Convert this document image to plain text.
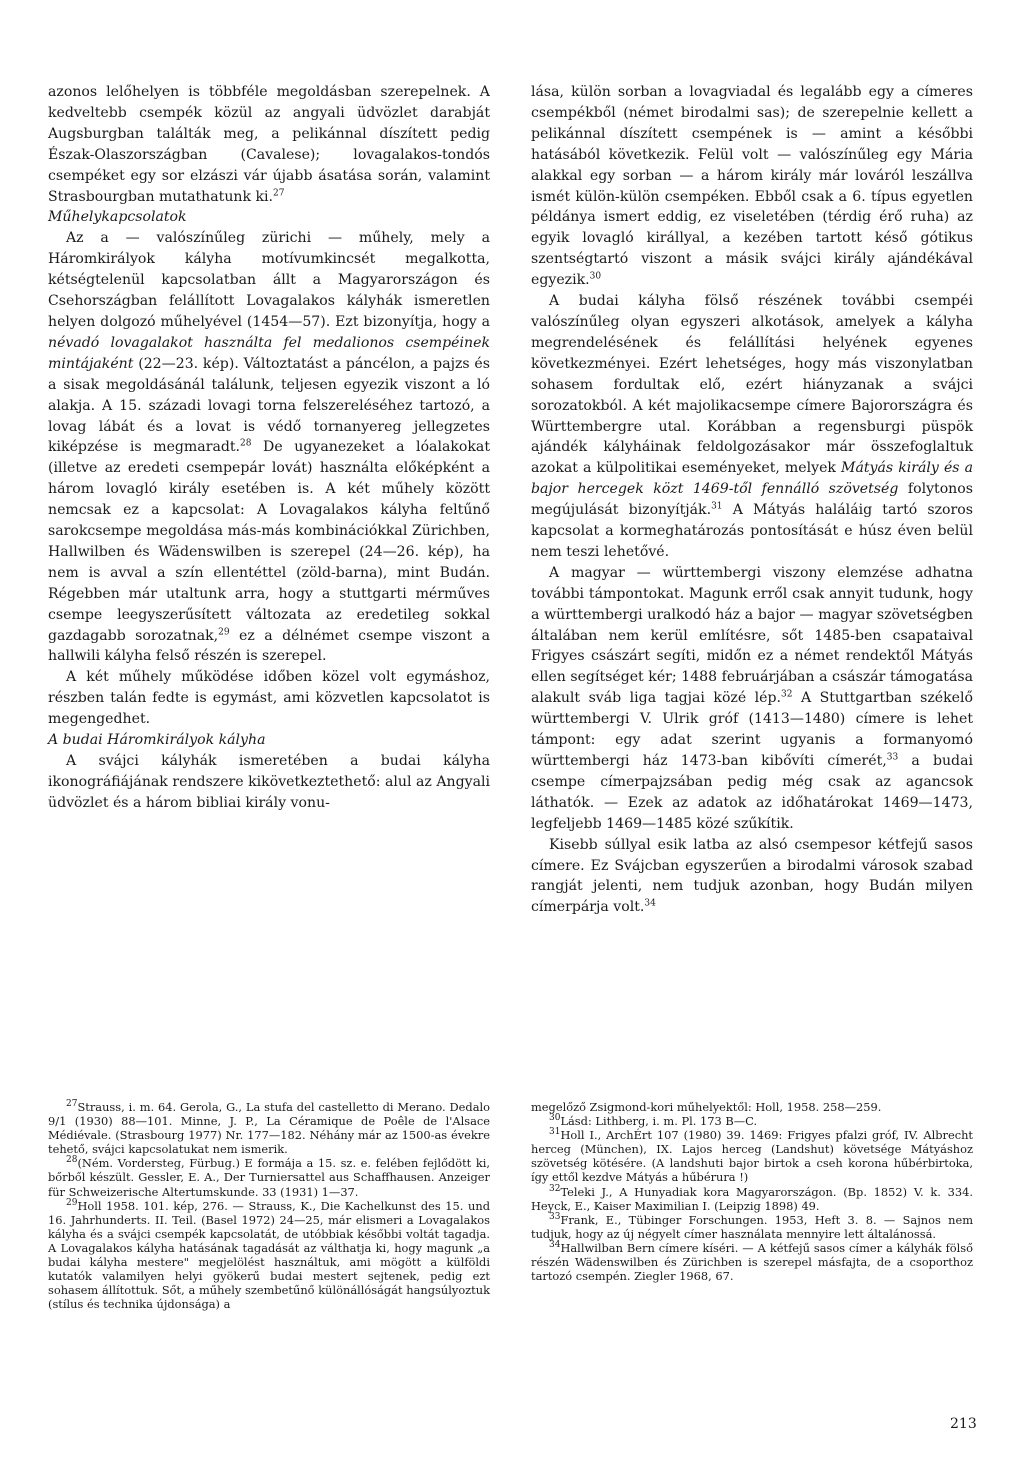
azonos lelőhelyen is többféle megoldásban szerepelnek. A kedveltebb csempék közül az angyali üdvözlet darabját Augsburgban találták meg, a pelikánnal díszített pedig Észak-Olaszországban (Cavalese); lovagalakos-tondós csempéket egy sor elzászi vár újabb ásatása során, valamint Strasbourgban mutathatunk ki.$^{27}$

Műhelykapcsolatok

Az a — valószínűleg zürichi — műhely, mely a Háromkirályok kályha motívumkincsét megalkotta, kétségtelenül kapcsolatban állt a Magyarországon és Csehországban felállított Lovagalakos kályhák ismeretlen helyen dolgozó műhelyével (1454—57). Ezt bizonyítja, hogy a névadó lovagalakot használta fel medalionos csempéinek mintájaként (22—23. kép). Változtatást a páncélon, a pajzs és a sisak megoldásánál találunk, teljesen egyezik viszont a ló alakja. A 15. századi lovagi torna felszereléséhez tartozó, a lovag lábát és a lovat is védő tornanyereg jellegzetes kiképzése is megmaradt.$^{28}$ De ugyanezeket a lóalakokat (illetve az eredeti csempepár lovát) használta előképként a három lovagló király esetében is. A két műhely között nemcsak ez a kapcsolat: A Lovagalakos kályha feltűnő sarokcsempe megoldása más-más kombinációkkal Zürichben, Hallwilben és Wädenswilben is szerepel (24—26. kép), ha nem is avval a szín ellentéttel (zöld-barna), mint Budán. Régebben már utaltunk arra, hogy a stuttgarti mérműves csempe leegyszerűsített változata az eredetileg sokkal gazdagabb sorozatnak,$^{29}$ ez a délnémet csempe viszont a hallwili kályha felső részén is szerepel.

A két műhely működése időben közel volt egymáshoz, részben talán fedte is egymást, ami közvetlen kapcsolatot is megengedhet.

A budai Háromkirályok kályha

A svájci kályhák ismeretében a budai kályha ikonográfiájának rendszere kikövetkeztethető: alul az Angyali üdvözlet és a három bibliai király vonu-

lása, külön sorban a lovagviadal és legalább egy a címeres csempékből (német birodalmi sas); de szerepelnie kellett a pelikánnal díszített csempének is — amint a későbbi hatásából következik. Felül volt — valószínűleg egy Mária alakkal egy sorban — a három király már lováról leszállva ismét külön-külön csempéken. Ebből csak a 6. típus egyetlen példánya ismert eddig, ez viseletében (térdig érő ruha) az egyik lovagló királlyal, a kezében tartott késő gótikus szentségtartó viszont a másik svájci király ajándékával egyezik.$^{30}$

A budai kályha fölső részének további csempéi valószínűleg olyan egyszeri alkotások, amelyek a kályha megrendelésének és felállítási helyének egyenes következményei. Ezért lehetséges, hogy más viszonylatban sohasem fordultak elő, ezért hiányzanak a svájci sorozatokból. A két majolikacsempe címere Bajorországra és Württembergre utal. Korábban a regensburgi püspök ajándék kályháinak feldolgozásakor már összefoglaltuk azokat a külpolitikai eseményeket, melyek Mátyás király és a bajor hercegek közt 1469-től fennálló szövetség folytonos megújulását bizonyítják.$^{31}$ A Mátyás haláláig tartó szoros kapcsolat a kormeghatározás pontosítását e húsz éven belül nem teszi lehetővé.

A magyar — württembergi viszony elemzése adhatna további támpontokat. Magunk erről csak annyit tudunk, hogy a württembergi uralkodó ház a bajor — magyar szövetségben általában nem kerül említésre, sőt 1485-ben csapataival Frigyes császárt segíti, midőn ez a német rendektől Mátyás ellen segítséget kér; 1488 februárjában a császár támogatása alakult sváb liga tagjai közé lép.$^{32}$ A Stuttgartban székelő württembergi V. Ulrik gróf (1413—1480) címere is lehet támpont: egy adat szerint ugyanis a formanyomó württembergi ház 1473-ban kibővíti címerét,$^{33}$ a budai csempe címerpajzsában pedig még csak az agancsok láthatók. — Ezek az adatok az időhatárokat 1469—1473, legfeljebb 1469—1485 közé szűkítik.

Kisebb súllyal esik latba az alsó csempesor kétfejű sasos címere. Ez Svájcban egyszerűen a birodalmi városok szabad rangját jelenti, nem tudjuk azonban, hogy Budán milyen címerpárja volt.$^{34}$

$^{27}$Strauss, i. m. 64. Gerola, G., La stufa del castelletto di Merano. Dedalo 9/1 (1930) 88—101. Minne, J. P., La Céramique de Poêle de l'Alsace Médiévale. (Strasbourg 1977) Nr. 177—182. Néhány már az 1500-as évekre tehető, svájci kapcsolatukat nem ismerik.

$^{28}$(Ném. Vordersteg, Fürbug.) E formája a 15. sz. e. felében fejlődött ki, bőrből készült. Gessler, E. A., Der Turniersattel aus Schaffhausen. Anzeiger für Schweizerische Altertumskunde. 33 (1931) 1—37.

$^{29}$Holl 1958. 101. kép, 276. — Strauss, K., Die Kachelkunst des 15. und 16. Jahrhunderts. II. Teil. (Basel 1972) 24—25, már elismeri a Lovagalakos kályha és a svájci csempék kapcsolatát, de utóbbiak későbbi voltát tagadja. A Lovagalakos kályha hatásának tagadását az válthatja ki, hogy magunk „a budai kályha mestere" megjelölést használtuk, ami mögött a külföldi kutatók valamilyen helyi gyökerű budai mestert sejtenek, pedig ezt sohasem állítottuk. Sőt, a műhely szembetűnő különállóságát hangsúlyoztuk (stílus és technika újdonsága) a

megelőző Zsigmond-kori műhelyektől: Holl, 1958. 258—259.

$^{30}$Lásd: Lithberg, i. m. Pl. 173 B—C.

$^{31}$Holl I., ArchÉrt 107 (1980) 39. 1469: Frigyes pfalzi gróf, IV. Albrecht herceg (München), IX. Lajos herceg (Landshut) követsége Mátyáshoz szövetség kötésére. (A landshuti bajor birtok a cseh korona hűbérbirtoka, így ettől kezdve Mátyás a hűbérura !)

$^{32}$Teleki J., A Hunyadiak kora Magyarországon. (Bp. 1852) V. k. 334. Heyck, E., Kaiser Maximilian I. (Leipzig 1898) 49.

$^{33}$Frank, E., Tübinger Forschungen. 1953, Heft 3. 8. — Sajnos nem tudjuk, hogy az új négyelt címer használata mennyire lett általánossá.

$^{34}$Hallwilban Bern címere kíséri. — A kétfejű sasos címer a kályhák fölső részén Wädenswilben és Zürichben is szerepel másfajta, de a csoporthoz tartozó csempén. Ziegler 1968, 67.

213
